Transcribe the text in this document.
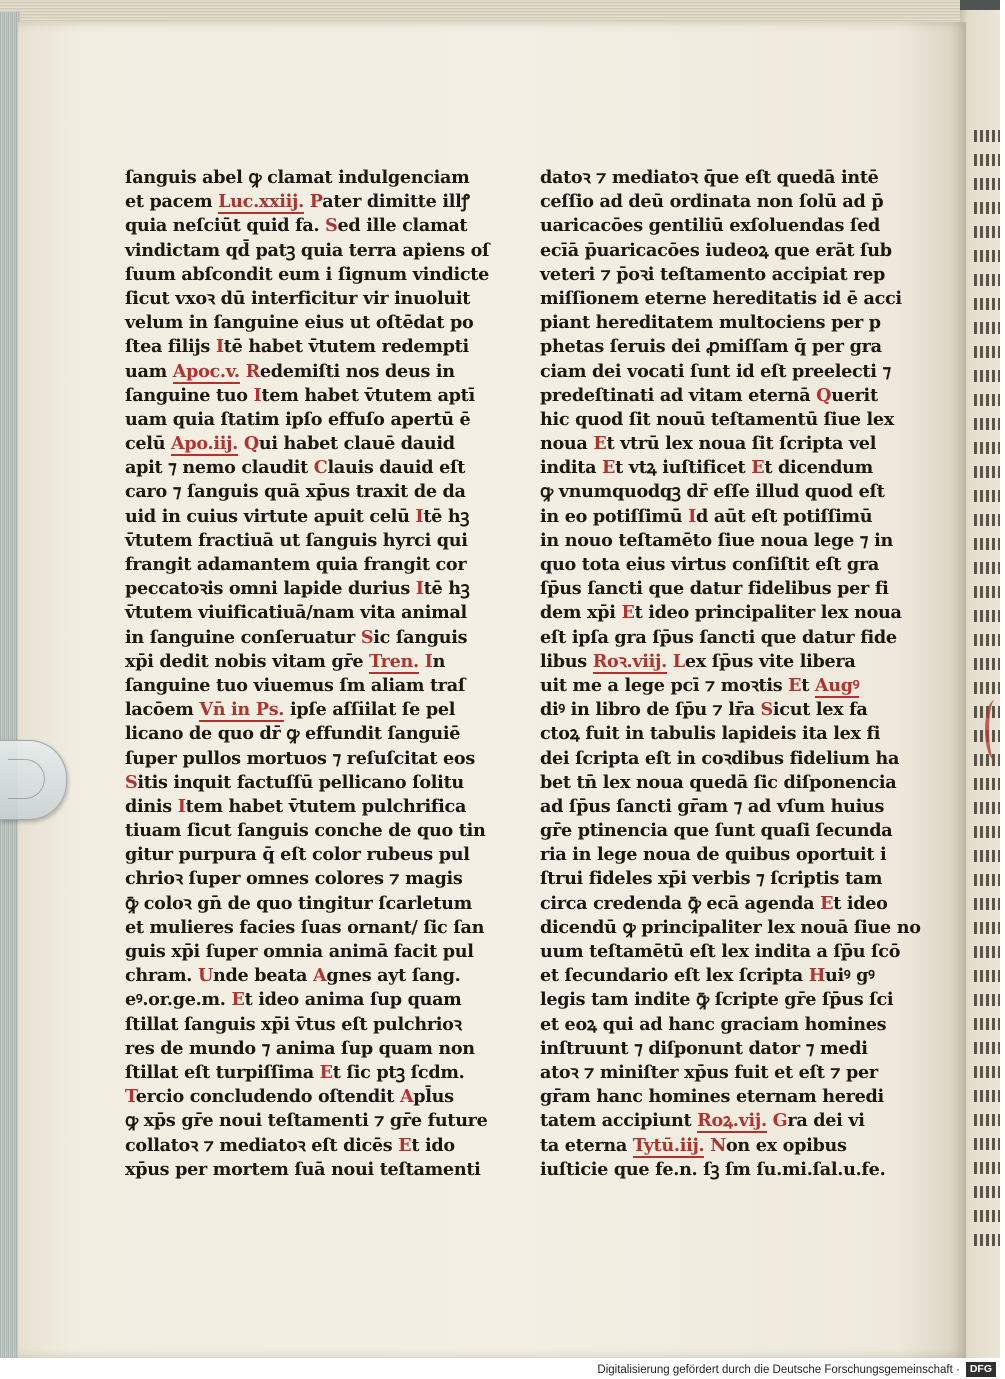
ſanguis abel ꝙ clamat indulgenciam
et pacem Luc.xxiij. Pater dimitte illꝭ
quia neſciūt quid fa. Sed ille clamat
vindictam qd̄ patꝫ quia terra apiens oſ
ſuum abſcondit eum i ſignum vindicte
ſicut vxoꝛ dū interficitur vir inuoluit
velum in ſanguine eius ut oſtēdat po
ſtea filijs Itē habet v̄tutem redempti
uam Apoc.v. Redemiſti nos deus in
ſanguine tuo Item habet v̄tutem aptī
uam quia ſtatim ipſo effuſo apertū ē
celū Apo.iij. Qui habet clauē dauid
apit ⁊ nemo claudit Clauis dauid eſt
caro ⁊ ſanguis quā xp̄us traxit de da
uid in cuius virtute apuit celū Itē hꝫ
v̄tutem fractiuā ut ſanguis hyrci qui
frangit adamantem quia frangit cor
peccatoꝛis omni lapide durius Itē hꝫ
v̄tutem viuificatiuā/nam vita animal
in ſanguine conſeruatur Sic ſanguis
xp̄i dedit nobis vitam gr̄e Tren. In
ſanguine tuo viuemus ſm aliam traſ
lacōem Vn̄ in Ps. ipſe aſſi̇ilat ſe pel
licano de quo dr̄ ꝙ effundit ſanguiē
ſuper pullos mortuos ⁊ reſuſcitat eos
Sitis inquit factuſſū pellicano ſolitu
dinis Item habet v̄tutem pulchrifica
tiuam ſicut ſanguis conche de quo tin
gitur purpura q̄ eſt color rubeus pul
chrioꝛ ſuper omnes colores ⁊ magis
ꝙ̄ coloꝛ gn̄ de quo tingitur ſcarletum
et mulieres facies ſuas ornant/ ſic ſan
guis xp̄i ſuper omnia animā facit pul
chram. Unde beata Agnes ayt ſang.
eꝰ.or.ge.m. Et ideo anima ſup quam
ſtillat ſanguis xp̄i v̄tus eſt pulchrioꝛ
res de mundo ⁊ anima ſup quam non
ſtillat eſt turpiſſima Et ſic ptꝫ ſcdm.
Tercio concludendo oſtendit Apl̄us
ꝙ xp̄s gr̄e noui teſtamenti ⁊ gr̄e future
collatoꝛ ⁊ mediatoꝛ eſt dicēs Et ido
xp̄us per mortem ſuā noui teſtamenti
datoꝛ ⁊ mediatoꝛ q̄ue eſt quedā intē
ceſſio ad deū ordinata non ſolū ad p̄
uaricacōes gentiliū exſoluendas ſed
ecīā p̄uaricacōes iudeoꝝ que erāt ſub
veteri ⁊ p̄oꝛi teſtamento accipiat rep
miſſionem eterne hereditatis id ē acci
piant hereditatem multociens per p
phetas ſeruis dei ꝓmiſſam q̄ per gra
ciam dei vocati ſunt id eſt preelecti ⁊
predeſtinati ad vitam eternā Querit
hic quod ſit nouū teſtamentū ſiue lex
noua Et vtrū lex noua ſit ſcripta vel
indita Et vtꝝ iuſtificet Et dicendum
ꝙ vnumquodqꝫ dr̄ eſſe illud quod eſt
in eo potiſſimū Id aūt eſt potiſſimū
in nouo teſtamēto ſiue noua lege ⁊ in
quo tota eius virtus conſiſtit eſt gra
ſp̄us ſancti que datur fidelibus per fi
dem xp̄i Et ideo principaliter lex noua
eſt ipſa gra ſp̄us ſancti que datur fide
libus Roꝛ.viij. Lex ſp̄us vite libera
uit me a lege pcī ⁊ moꝛtis Et Augꝰ
diꝰ in libro de ſp̄u ⁊ lr̄a Sicut lex fa
ctoꝝ fuit in tabulis lapideis ita lex fi
dei ſcripta eſt in coꝛdibus fidelium ha
bet tn̄ lex noua quedā ſic diſponencia
ad ſp̄us ſancti gr̄am ⁊ ad vſum huius
gr̄e ptinencia que ſunt quaſi ſecunda
ria in lege noua de quibus oportuit i
ſtrui fideles xp̄i verbis ⁊ ſcriptis tam
circa credenda ꝙ̄ ecā agenda Et ideo
dicendū ꝙ principaliter lex nouā ſiue no
uum teſtamētū eſt lex indita a ſp̄u ſcō
et ſecundario eſt lex ſcripta Huiꝰ gꝰ
legis tam indite ꝙ̄ ſcripte gr̄e ſp̄us ſci
et eoꝝ qui ad hanc graciam homines
inſtruunt ⁊ diſponunt dator ⁊ medi
atoꝛ ⁊ miniſter xp̄us fuit et eſt ⁊ per
gr̄am hanc homines eternam heredi
tatem accipiunt Roꝝ.vij. Gra dei vi
ta eterna Tytū.iij. Non ex opibus
iuſticie que fe.n. ſꝫ ſm ſu.mi.ſal.u.fe.
Digitalisierung gefördert durch die Deutsche Forschungsgemeinschaft · DFG
